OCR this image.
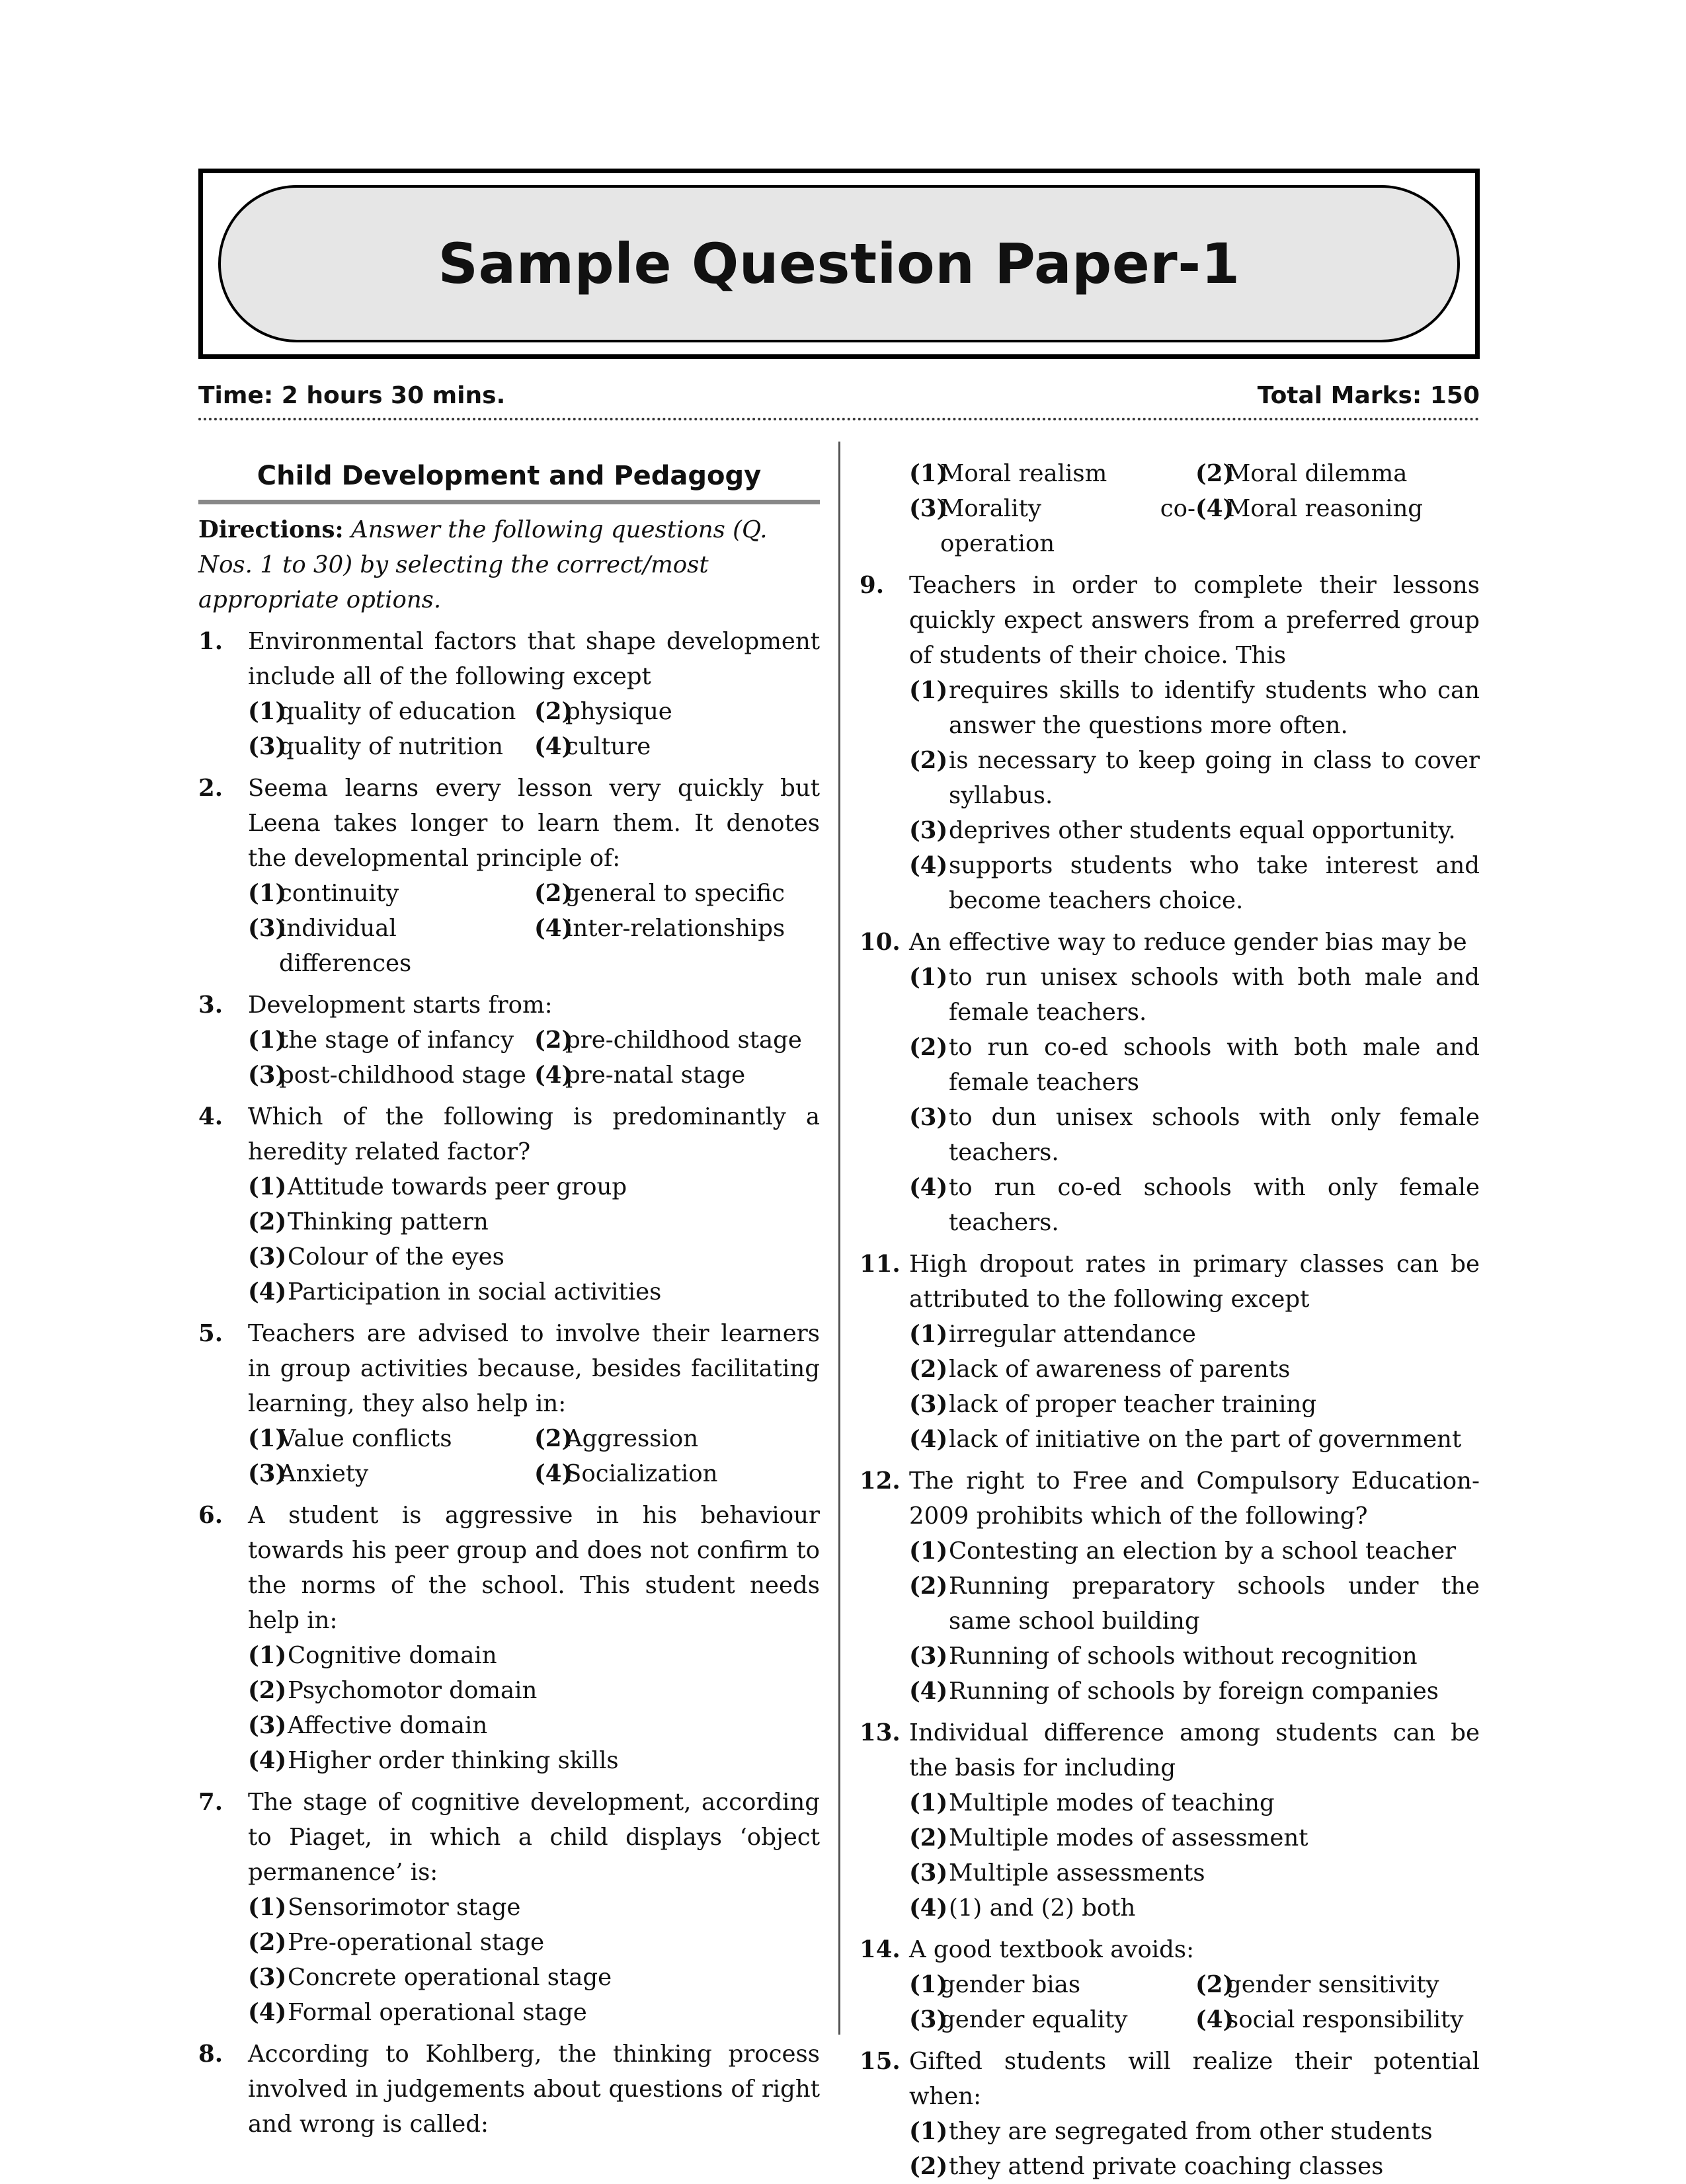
Sample Question Paper-1
Time: 2 hours 30 mins.	Total Marks: 150
Child Development and Pedagogy
Directions: Answer the following questions (Q. Nos. 1 to 30) by selecting the correct/most appropriate options.
1. Environmental factors that shape development include all of the following except
(1)
quality of education (2)
physique
(3)
quality of nutrition	(4)
culture
2. Seema learns every lesson very quickly but Leena takes longer to learn them. It denotes the developmental principle of:
(1)
continuity	(2)
general to specific
(3)
individual differences
(4)
inter-relationships
3. Development starts from:
(1)
the stage of infancy (2)
pre-childhood stage
(3)
post-childhood stage (4)
pre-natal stage
4. Which of the following is predominantly a heredity related factor?
(1) Attitude towards peer group
(2) Thinking pattern
(3) Colour of the eyes
(4) Participation in social activities
5. Teachers are advised to involve their learners in group activities because, besides facilitating learning, they also help in:
(1)
Value conflicts	(2)
Aggression
(3)
Anxiety	(4)
Socialization
6. A student is aggressive in his behaviour towards his peer group and does not confirm to the norms of the school. This student needs help in:
(1) Cognitive domain
(2) Psychomotor domain
(3) Affective domain
(4) Higher order thinking skills
7. The stage of cognitive development, according to Piaget, in which a child displays ‘object permanence’ is:
(1) Sensorimotor stage
(2) Pre-operational stage
(3) Concrete operational stage
(4) Formal operational stage
8. According to Kohlberg, the thinking process involved in judgements about questions of right and wrong is called:
(1)
Moral realism	(2)
Moral dilemma
(3)
Morality co-operation
(4)
Moral reasoning
9. Teachers in order to complete their lessons quickly expect answers from a preferred group of students of their choice. This
(1) requires skills to identify students who can answer the questions more often.
(2) is necessary to keep going in class to cover syllabus.
(3) deprives other students equal opportunity.
(4) supports students who take interest and become teachers choice.
10. An effective way to reduce gender bias may be
(1) to run unisex schools with both male and female teachers.
(2) to run co-ed schools with both male and female teachers
(3) to dun unisex schools with only female teachers.
(4) to run co-ed schools with only female teachers.
11. High dropout rates in primary classes can be attributed to the following except
(1) irregular attendance
(2) lack of awareness of parents
(3) lack of proper teacher training
(4) lack of initiative on the part of government
12. The right to Free and Compulsory Education-2009 prohibits which of the following?
(1) Contesting an election by a school teacher
(2) Running preparatory schools under the same school building
(3) Running of schools without recognition
(4) Running of schools by foreign companies
13. Individual difference among students can be the basis for including
(1) Multiple modes of teaching
(2) Multiple modes of assessment
(3) Multiple assessments
(4) (1) and (2) both
14. A good textbook avoids:
(1)
gender bias	(2)
gender sensitivity
(3)
gender equality	(4)
social responsibility
15. Gifted students will realize their potential when:
(1) they are segregated from other students
(2) they attend private coaching classes
